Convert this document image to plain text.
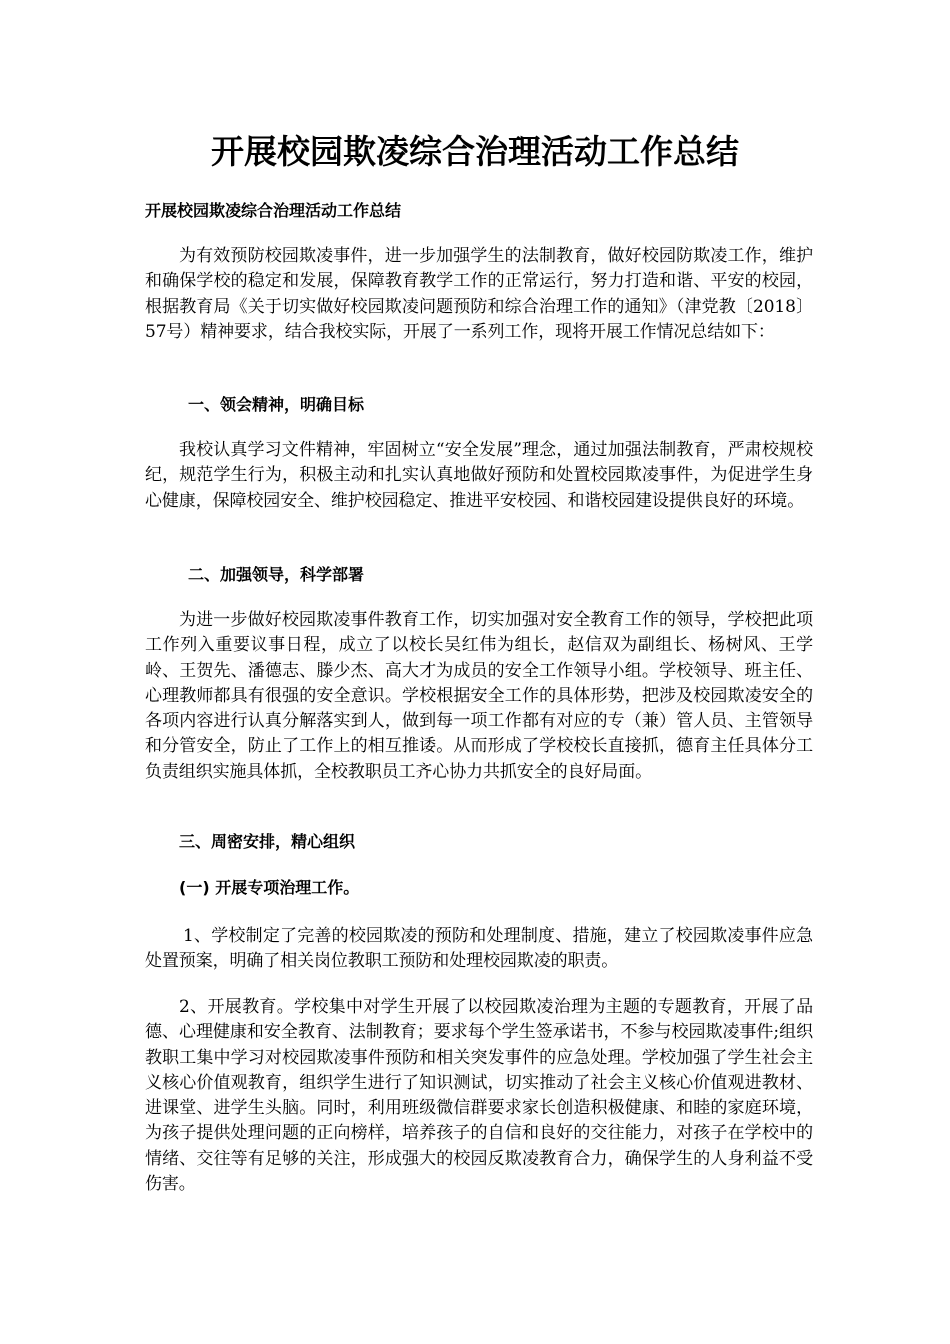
开展校园欺凌综合治理活动工作总结
开展校园欺凌综合治理活动工作总结

为有效预防校园欺凌事件，进一步加强学生的法制教育，做好校园防欺凌工作，维护和确保学校的稳定和发展，保障教育教学工作的正常运行，努力打造和谐、平安的校园，根据教育局《关于切实做好校园欺凌问题预防和综合治理工作的通知》（津党教〔2018〕57号）精神要求，结合我校实际，开展了一系列工作，现将开展工作情况总结如下：

一、领会精神，明确目标

我校认真学习文件精神，牢固树立“安全发展”理念，通过加强法制教育，严肃校规校纪，规范学生行为，积极主动和扎实认真地做好预防和处置校园欺凌事件，为促进学生身心健康，保障校园安全、维护校园稳定、推进平安校园、和谐校园建设提供良好的环境。

二、加强领导，科学部署

为进一步做好校园欺凌事件教育工作，切实加强对安全教育工作的领导，学校把此项工作列入重要议事日程，成立了以校长吴红伟为组长，赵信双为副组长、杨树风、王学岭、王贺先、潘德志、滕少杰、高大才为成员的安全工作领导小组。学校领导、班主任、心理教师都具有很强的安全意识。学校根据安全工作的具体形势，把涉及校园欺凌安全的各项内容进行认真分解落实到人，做到每一项工作都有对应的专（兼）管人员、主管领导和分管安全，防止了工作上的相互推诿。从而形成了学校校长直接抓，德育主任具体分工负责组织实施具体抓，全校教职员工齐心协力共抓安全的良好局面。

三、周密安排，精心组织
(一) 开展专项治理工作。

1、学校制定了完善的校园欺凌的预防和处理制度、措施，建立了校园欺凌事件应急处置预案，明确了相关岗位教职工预防和处理校园欺凌的职责。

2、开展教育。学校集中对学生开展了以校园欺凌治理为主题的专题教育，开展了品德、心理健康和安全教育、法制教育；要求每个学生签承诺书，不参与校园欺凌事件;组织教职工集中学习对校园欺凌事件预防和相关突发事件的应急处理。学校加强了学生社会主义核心价值观教育，组织学生进行了知识测试，切实推动了社会主义核心价值观进教材、进课堂、进学生头脑。同时，利用班级微信群要求家长创造积极健康、和睦的家庭环境，为孩子提供处理问题的正向榜样，培养孩子的自信和良好的交往能力，对孩子在学校中的情绪、交往等有足够的关注，形成强大的校园反欺凌教育合力，确保学生的人身利益不受伤害。
